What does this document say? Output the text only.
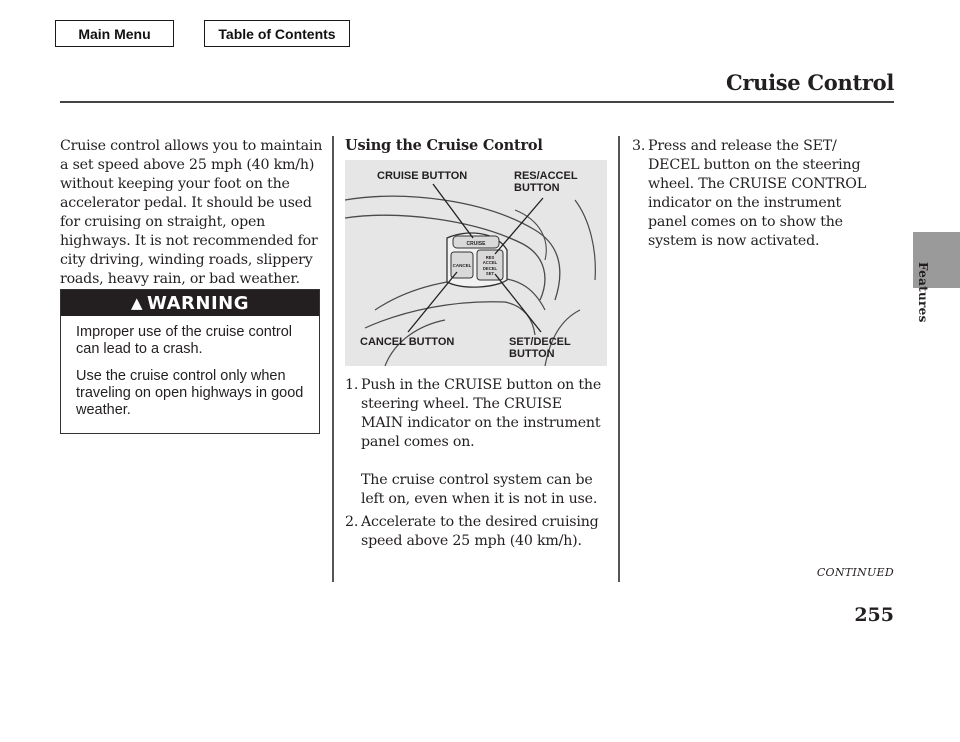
Main Menu	Table of Contents
Cruise Control
Features

Cruise control allows you to maintain a set speed above 25 mph (40 km/h) without keeping your foot on the accelerator pedal. It should be used for cruising on straight, open highways. It is not recommended for city driving, winding roads, slippery roads, heavy rain, or bad weather.

▲ WARNING

Improper use of the cruise control can lead to a crash.

Use the cruise control only when traveling on open highways in good weather.

Using the Cruise Control
CRUISE
CANCEL
RES
ACCEL
DECEL
SET
CRUISE BUTTON	RES/ACCEL BUTTON
CANCEL BUTTON	SET/DECEL BUTTON
1. Push in the CRUISE button on the steering wheel. The CRUISE MAIN indicator on the instrument panel comes on.

The cruise control system can be left on, even when it is not in use.

2. Accelerate to the desired cruising speed above 25 mph (40 km/h).

3. Press and release the SET/ DECEL button on the steering wheel. The CRUISE CONTROL indicator on the instrument panel comes on to show the system is now activated.

CONTINUED
255
